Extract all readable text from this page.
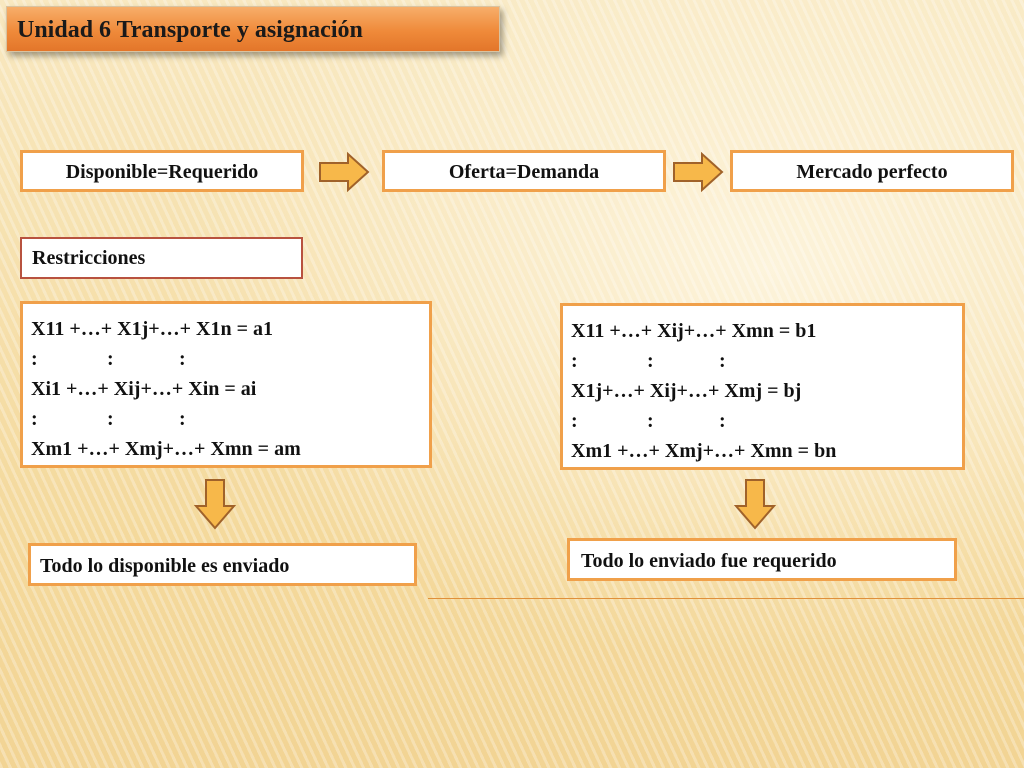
Unidad 6 Transporte y asignación
Disponible=Requerido	Oferta=Demanda	Mercado perfecto
Restricciones
X11 +…+ X1j+…+ X1n = a1
:	:	:
Xi1 +…+ Xij+…+ Xin = ai
:	:	:
Xm1 +…+ Xmj+…+ Xmn = am
X11 +…+ Xij+…+ Xmn = b1
:	:	:
X1j+…+ Xij+…+ Xmj = bj
:	:	:
Xm1 +…+ Xmj+…+ Xmn = bn
Todo lo disponible es enviado	Todo lo enviado fue requerido
